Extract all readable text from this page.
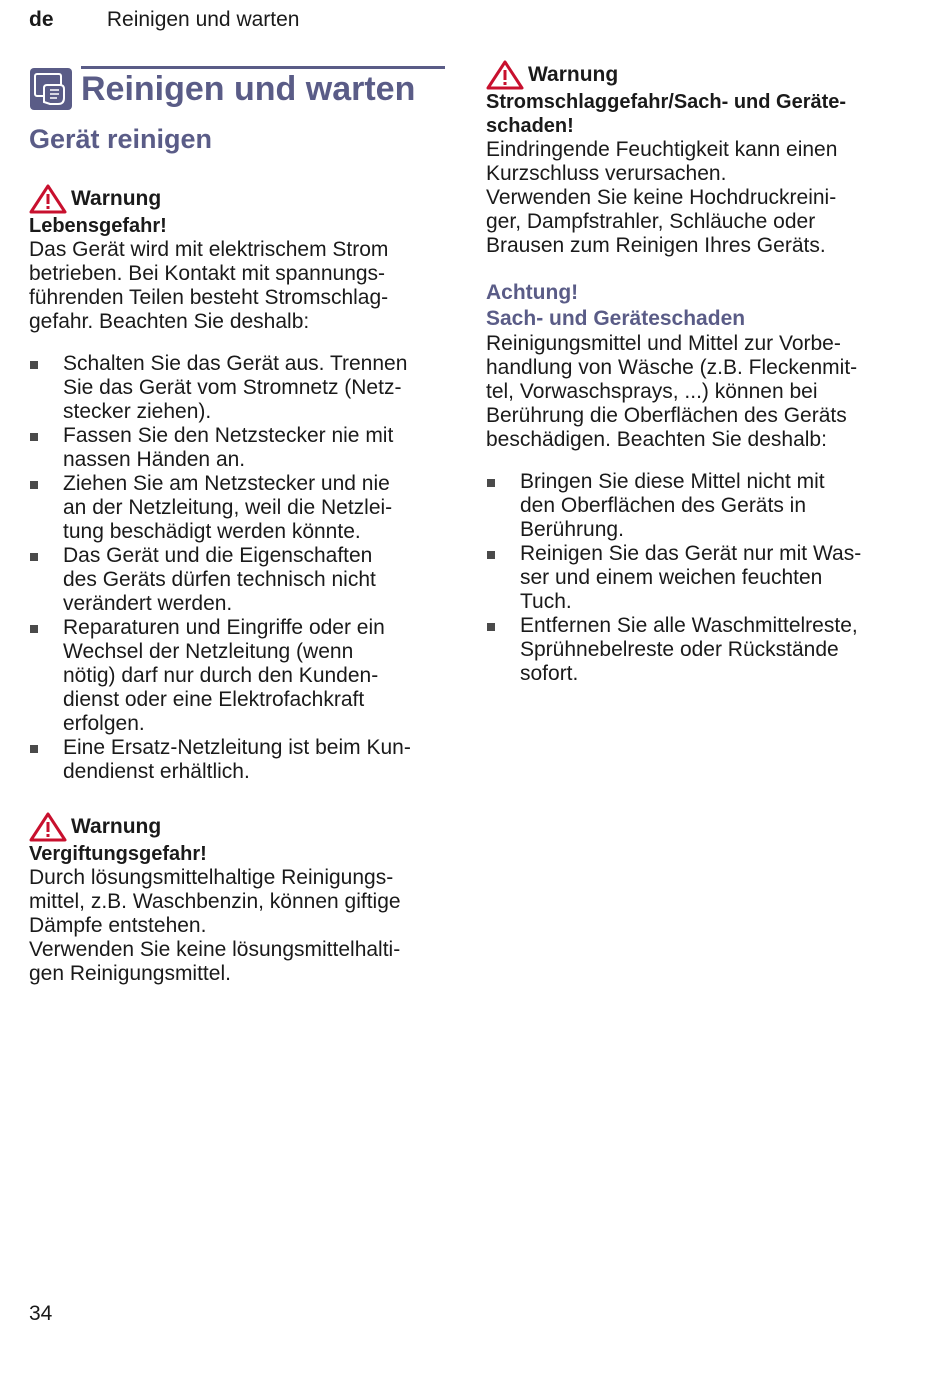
de	Reinigen und warten
Reinigen und warten
Gerät reinigen
Warnung
Lebensgefahr!

Das Gerät wird mit elektrischem Strom
betrieben. Bei Kontakt mit spannungs-
führenden Teilen besteht Stromschlag-
gefahr. Beachten Sie deshalb:

Schalten Sie das Gerät aus. Trennen
Sie das Gerät vom Stromnetz (Netz-
stecker ziehen).
Fassen Sie den Netzstecker nie mit
nassen Händen an.
Ziehen Sie am Netzstecker und nie
an der Netzleitung, weil die Netzlei-
tung beschädigt werden könnte.
Das Gerät und die Eigenschaften
des Geräts dürfen technisch nicht
verändert werden.
Reparaturen und Eingriffe oder ein
Wechsel der Netzleitung (wenn
nötig) darf nur durch den Kunden-
dienst oder eine Elektrofachkraft
erfolgen.
Eine Ersatz-Netzleitung ist beim Kun-
dendienst erhältlich.
Warnung
Vergiftungsgefahr!

Durch lösungsmittelhaltige Reinigungs-
mittel, z.B. Waschbenzin, können giftige
Dämpfe entstehen.
Verwenden Sie keine lösungsmittelhalti-
gen Reinigungsmittel.

Warnung
Stromschlaggefahr/Sach- und Geräte-
schaden!

Eindringende Feuchtigkeit kann einen
Kurzschluss verursachen.
Verwenden Sie keine Hochdruckreini-
ger, Dampfstrahler, Schläuche oder
Brausen zum Reinigen Ihres Geräts.

Achtung!
Sach- und Geräteschaden

Reinigungsmittel und Mittel zur Vorbe-
handlung von Wäsche (z.B. Fleckenmit-
tel, Vorwaschsprays, ...) können bei
Berührung die Oberflächen des Geräts
beschädigen. Beachten Sie deshalb:

Bringen Sie diese Mittel nicht mit
den Oberflächen des Geräts in
Berührung.
Reinigen Sie das Gerät nur mit Was-
ser und einem weichen feuchten
Tuch.
Entfernen Sie alle Waschmittelreste,
Sprühnebelreste oder Rückstände
sofort.
34
